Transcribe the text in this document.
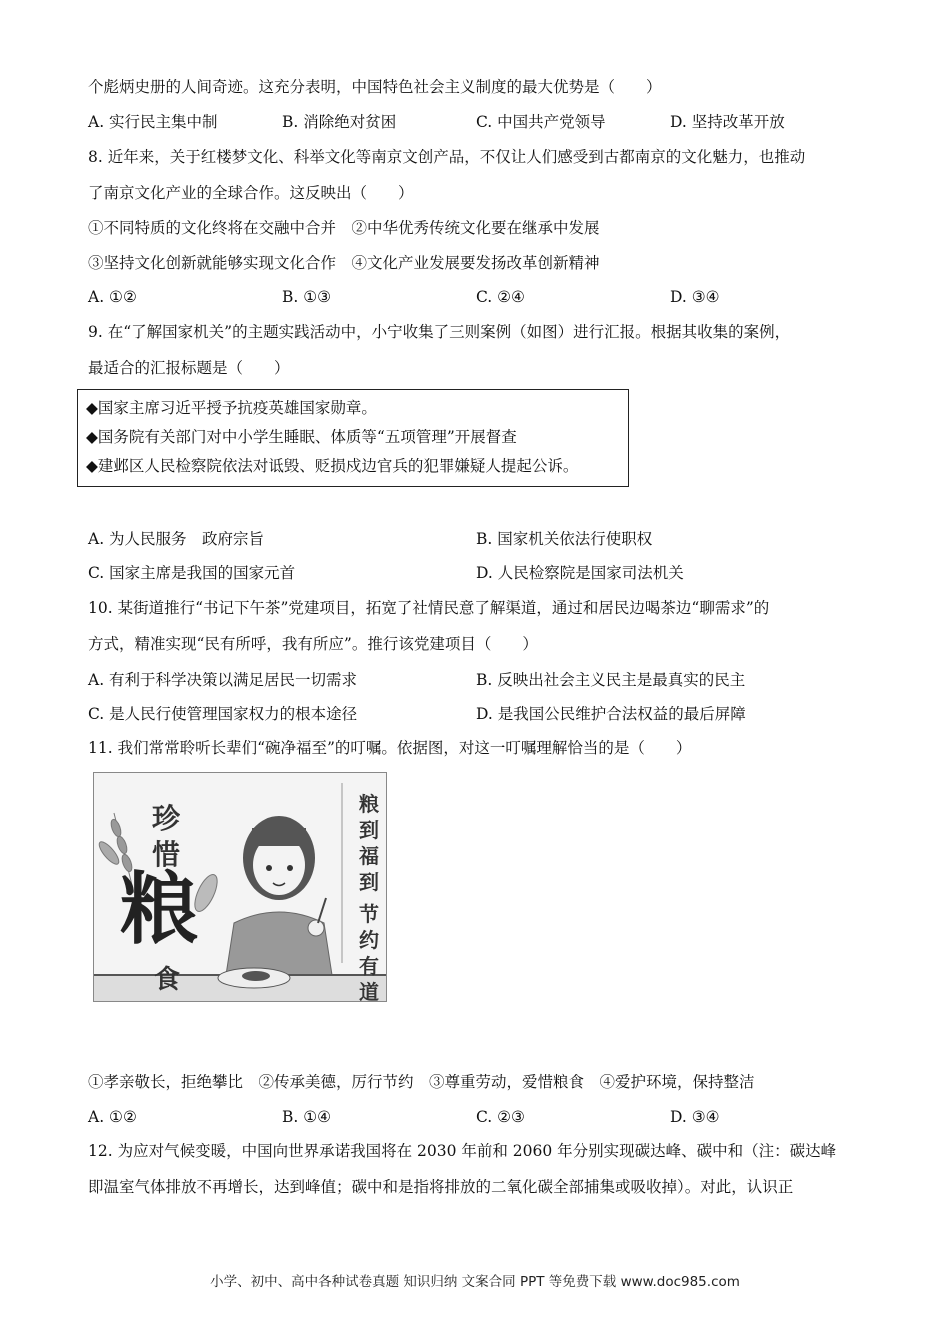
个彪炳史册的人间奇迹。这充分表明，中国特色社会主义制度的最大优势是（　　）
A. 实行民主集中制	B. 消除绝对贫困	C. 中国共产党领导	D. 坚持改革开放
8. 近年来，关于红楼梦文化、科举文化等南京文创产品，不仅让人们感受到古都南京的文化魅力，也推动
了南京文化产业的全球合作。这反映出（　　）
①不同特质的文化终将在交融中合并　②中华优秀传统文化要在继承中发展
③坚持文化创新就能够实现文化合作　④文化产业发展要发扬改革创新精神
A. ①②	B. ①③	C. ②④	D. ③④
9. 在“了解国家机关”的主题实践活动中，小宁收集了三则案例（如图）进行汇报。根据其收集的案例，
最适合的汇报标题是（　　）
◆国家主席习近平授予抗疫英雄国家勋章。
◆国务院有关部门对中小学生睡眠、体质等“五项管理”开展督查
◆建邺区人民检察院依法对诋毁、贬损戍边官兵的犯罪嫌疑人提起公诉。
A. 为人民服务　政府宗旨	B. 国家机关依法行使职权
C. 国家主席是我国的国家元首	D. 人民检察院是国家司法机关
10. 某街道推行“书记下午茶”党建项目，拓宽了社情民意了解渠道，通过和居民边喝茶边“聊需求”的
方式，精准实现“民有所呼，我有所应”。推行该党建项目（　　）
A. 有利于科学决策以满足居民一切需求	B. 反映出社会主义民主是最真实的民主
C. 是人民行使管理国家权力的根本途径	D. 是我国公民维护合法权益的最后屏障
11. 我们常常聆听长辈们“碗净福至”的叮嘱。依据图，对这一叮嘱理解恰当的是（　　）
珍
惜
粮
食
粮
到
福
到
节
约
有
道
①孝亲敬长，拒绝攀比　②传承美德，厉行节约　③尊重劳动，爱惜粮食　④爱护环境，保持整洁
A. ①②	B. ①④	C. ②③	D. ③④
12. 为应对气候变暖，中国向世界承诺我国将在 2030 年前和 2060 年分别实现碳达峰、碳中和（注：碳达峰
即温室气体排放不再增长，达到峰值；碳中和是指将排放的二氧化碳全部捕集或吸收掉）。对此，认识正
小学、初中、高中各种试卷真题 知识归纳 文案合同 PPT 等免费下载 www.doc985.com
